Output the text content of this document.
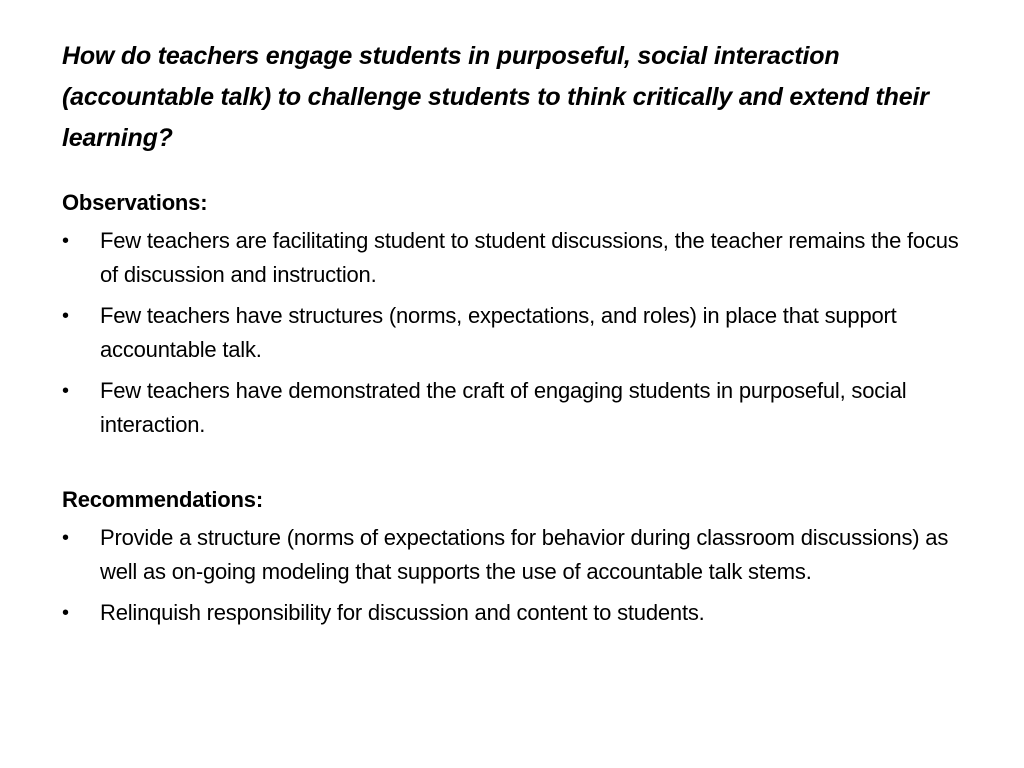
How do teachers engage students in purposeful, social interaction (accountable talk) to challenge students to think critically and extend their learning?
Observations:
•	Few teachers are facilitating student to student discussions, the teacher remains the focus of discussion and instruction.
•	Few teachers have structures (norms, expectations, and roles) in place that support accountable talk.
•	Few teachers have demonstrated the craft of engaging students in purposeful, social interaction.
Recommendations:
•	Provide a structure (norms of expectations for behavior during classroom discussions) as well as on-going modeling that supports the use of accountable talk stems.
•	Relinquish responsibility for discussion and content to students.
